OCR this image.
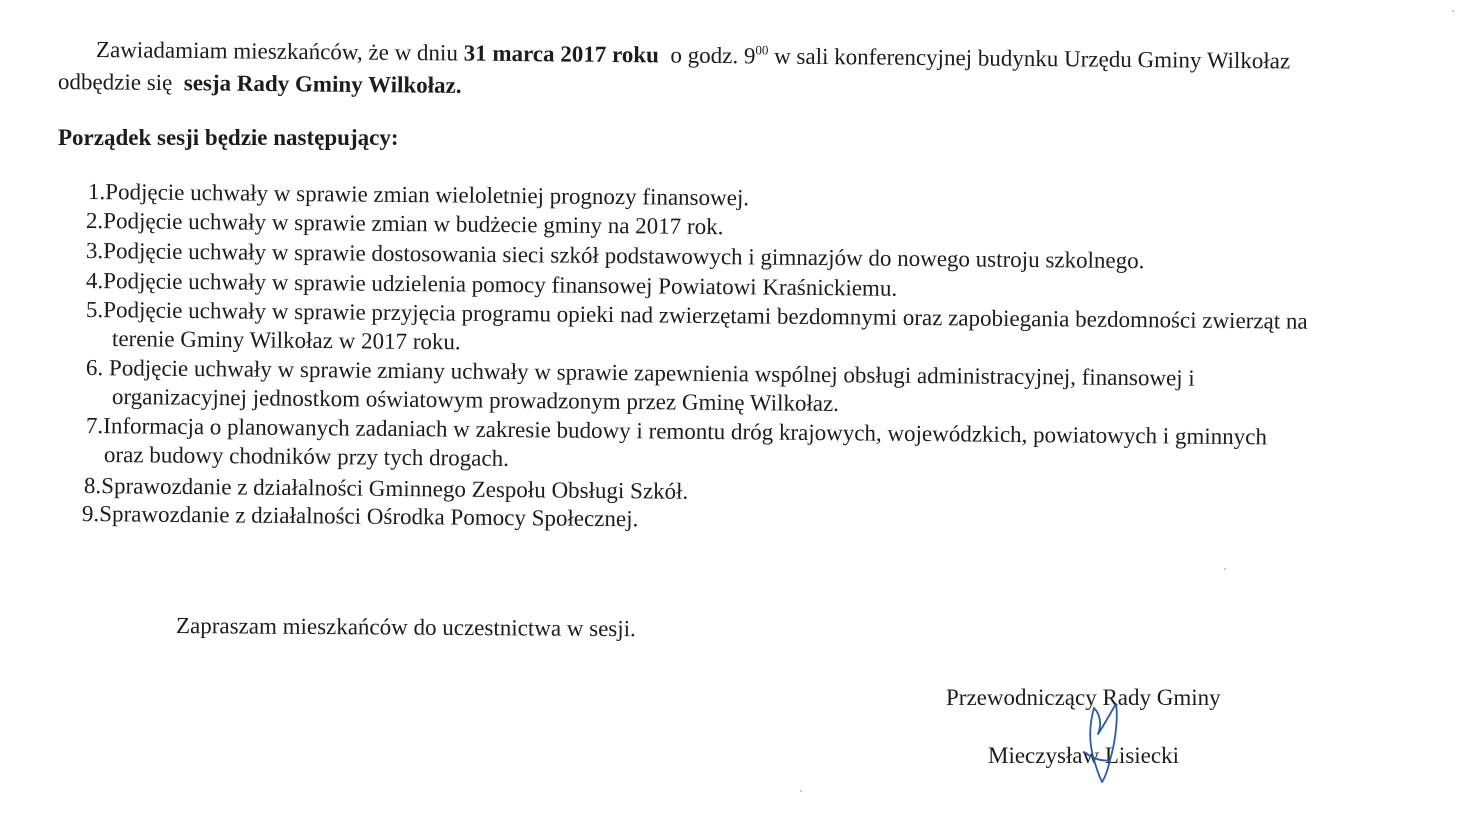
Zawiadamiam mieszkańców, że w dniu 31 marca 2017 roku o godz. $9^{00}$ w sali konferencyjnej budynku Urzędu Gminy Wilkołaz
odbędzie się  sesja Rady Gminy Wilkołaz.
Porządek sesji będzie następujący:
1.Podjęcie uchwały w sprawie zmian wieloletniej prognozy finansowej.
2.Podjęcie uchwały w sprawie zmian w budżecie gminy na 2017 rok.
3.Podjęcie uchwały w sprawie dostosowania sieci szkół podstawowych i gimnazjów do nowego ustroju szkolnego.
4.Podjęcie uchwały w sprawie udzielenia pomocy finansowej Powiatowi Kraśnickiemu.
5.Podjęcie uchwały w sprawie przyjęcia programu opieki nad zwierzętami bezdomnymi oraz zapobiegania bezdomności zwierząt na
terenie Gminy Wilkołaz w 2017 roku.
6. Podjęcie uchwały w sprawie zmiany uchwały w sprawie zapewnienia wspólnej obsługi administracyjnej, finansowej i
organizacyjnej jednostkom oświatowym prowadzonym przez Gminę Wilkołaz.
7.Informacja o planowanych zadaniach w zakresie budowy i remontu dróg krajowych, wojewódzkich, powiatowych i gminnych
oraz budowy chodników przy tych drogach.
8.Sprawozdanie z działalności Gminnego Zespołu Obsługi Szkół.
9.Sprawozdanie z działalności Ośrodka Pomocy Społecznej.
Zapraszam mieszkańców do uczestnictwa w sesji.
Przewodniczący Rady Gminy
Mieczysław Lisiecki
